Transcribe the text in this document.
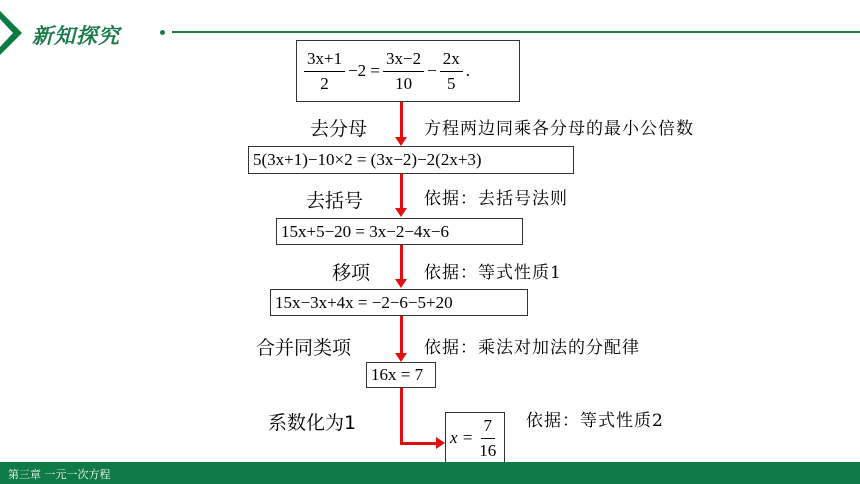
新知探究
$\frac{3x+1}{2} -2 = \frac{3x-2}{10} - \frac{2x}{5}$ .
去分母	方程两边同乘各分母的最小公倍数
5(3x+1)−10×2 = (3x−2)−2(2x+3)
去括号	依据：去括号法则
15x+5−20 = 3x−2−4x−6
移项	依据：等式性质1
15x−3x+4x = −2−6−5+20
合并同类项	依据：乘法对加法的分配律
16x = 7
系数化为1	依据：等式性质2
$x = \frac{7}{16}$
第三章 一元一次方程
